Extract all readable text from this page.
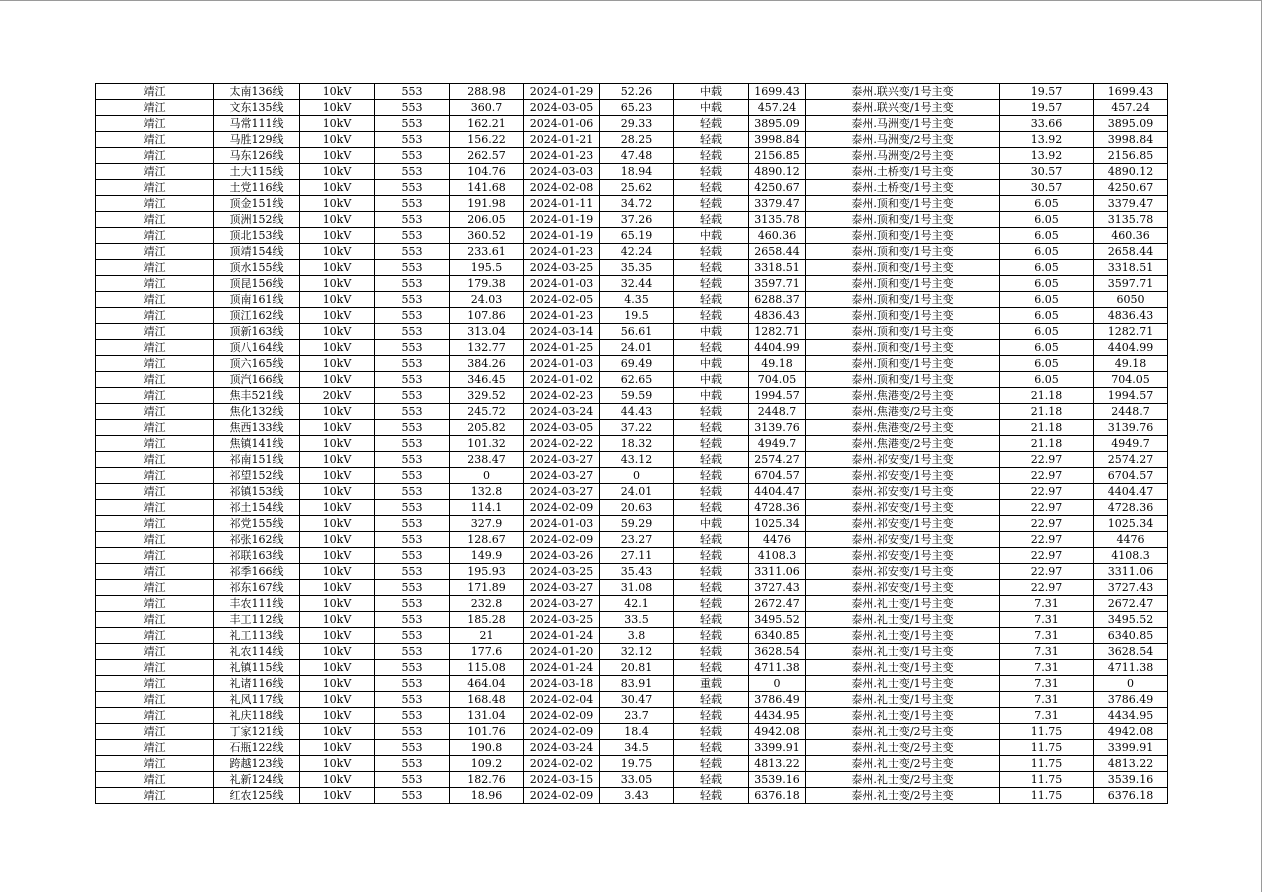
靖江	太南136线	10kV	553	288.98	2024-01-29	52.26	中载	1699.43	泰州.联兴变/1号主变	19.57	1699.43
靖江	文东135线	10kV	553	360.7	2024-03-05	65.23	中载	457.24	泰州.联兴变/1号主变	19.57	457.24
靖江	马常111线	10kV	553	162.21	2024-01-06	29.33	轻载	3895.09	泰州.马洲变/1号主变	33.66	3895.09
靖江	马胜129线	10kV	553	156.22	2024-01-21	28.25	轻载	3998.84	泰州.马洲变/2号主变	13.92	3998.84
靖江	马东126线	10kV	553	262.57	2024-01-23	47.48	轻载	2156.85	泰州.马洲变/2号主变	13.92	2156.85
靖江	土大115线	10kV	553	104.76	2024-03-03	18.94	轻载	4890.12	泰州.土桥变/1号主变	30.57	4890.12
靖江	土党116线	10kV	553	141.68	2024-02-08	25.62	轻载	4250.67	泰州.土桥变/1号主变	30.57	4250.67
靖江	顶金151线	10kV	553	191.98	2024-01-11	34.72	轻载	3379.47	泰州.顶和变/1号主变	6.05	3379.47
靖江	顶洲152线	10kV	553	206.05	2024-01-19	37.26	轻载	3135.78	泰州.顶和变/1号主变	6.05	3135.78
靖江	顶北153线	10kV	553	360.52	2024-01-19	65.19	中载	460.36	泰州.顶和变/1号主变	6.05	460.36
靖江	顶靖154线	10kV	553	233.61	2024-01-23	42.24	轻载	2658.44	泰州.顶和变/1号主变	6.05	2658.44
靖江	顶水155线	10kV	553	195.5	2024-03-25	35.35	轻载	3318.51	泰州.顶和变/1号主变	6.05	3318.51
靖江	顶昆156线	10kV	553	179.38	2024-01-03	32.44	轻载	3597.71	泰州.顶和变/1号主变	6.05	3597.71
靖江	顶南161线	10kV	553	24.03	2024-02-05	4.35	轻载	6288.37	泰州.顶和变/1号主变	6.05	6050
靖江	顶江162线	10kV	553	107.86	2024-01-23	19.5	轻载	4836.43	泰州.顶和变/1号主变	6.05	4836.43
靖江	顶新163线	10kV	553	313.04	2024-03-14	56.61	中载	1282.71	泰州.顶和变/1号主变	6.05	1282.71
靖江	顶八164线	10kV	553	132.77	2024-01-25	24.01	轻载	4404.99	泰州.顶和变/1号主变	6.05	4404.99
靖江	顶六165线	10kV	553	384.26	2024-01-03	69.49	中载	49.18	泰州.顶和变/1号主变	6.05	49.18
靖江	顶汽166线	10kV	553	346.45	2024-01-02	62.65	中载	704.05	泰州.顶和变/1号主变	6.05	704.05
靖江	焦丰521线	20kV	553	329.52	2024-02-23	59.59	中载	1994.57	泰州.焦港变/2号主变	21.18	1994.57
靖江	焦化132线	10kV	553	245.72	2024-03-24	44.43	轻载	2448.7	泰州.焦港变/2号主变	21.18	2448.7
靖江	焦西133线	10kV	553	205.82	2024-03-05	37.22	轻载	3139.76	泰州.焦港变/2号主变	21.18	3139.76
靖江	焦镇141线	10kV	553	101.32	2024-02-22	18.32	轻载	4949.7	泰州.焦港变/2号主变	21.18	4949.7
靖江	祁南151线	10kV	553	238.47	2024-03-27	43.12	轻载	2574.27	泰州.祁安变/1号主变	22.97	2574.27
靖江	祁望152线	10kV	553	0	2024-03-27	0	轻载	6704.57	泰州.祁安变/1号主变	22.97	6704.57
靖江	祁镇153线	10kV	553	132.8	2024-03-27	24.01	轻载	4404.47	泰州.祁安变/1号主变	22.97	4404.47
靖江	祁土154线	10kV	553	114.1	2024-02-09	20.63	轻载	4728.36	泰州.祁安变/1号主变	22.97	4728.36
靖江	祁党155线	10kV	553	327.9	2024-01-03	59.29	中载	1025.34	泰州.祁安变/1号主变	22.97	1025.34
靖江	祁张162线	10kV	553	128.67	2024-02-09	23.27	轻载	4476	泰州.祁安变/1号主变	22.97	4476
靖江	祁联163线	10kV	553	149.9	2024-03-26	27.11	轻载	4108.3	泰州.祁安变/1号主变	22.97	4108.3
靖江	祁季166线	10kV	553	195.93	2024-03-25	35.43	轻载	3311.06	泰州.祁安变/1号主变	22.97	3311.06
靖江	祁东167线	10kV	553	171.89	2024-03-27	31.08	轻载	3727.43	泰州.祁安变/1号主变	22.97	3727.43
靖江	丰农111线	10kV	553	232.8	2024-03-27	42.1	轻载	2672.47	泰州.礼士变/1号主变	7.31	2672.47
靖江	丰工112线	10kV	553	185.28	2024-03-25	33.5	轻载	3495.52	泰州.礼士变/1号主变	7.31	3495.52
靖江	礼工113线	10kV	553	21	2024-01-24	3.8	轻载	6340.85	泰州.礼士变/1号主变	7.31	6340.85
靖江	礼农114线	10kV	553	177.6	2024-01-20	32.12	轻载	3628.54	泰州.礼士变/1号主变	7.31	3628.54
靖江	礼镇115线	10kV	553	115.08	2024-01-24	20.81	轻载	4711.38	泰州.礼士变/1号主变	7.31	4711.38
靖江	礼诸116线	10kV	553	464.04	2024-03-18	83.91	重载	0	泰州.礼士变/1号主变	7.31	0
靖江	礼风117线	10kV	553	168.48	2024-02-04	30.47	轻载	3786.49	泰州.礼士变/1号主变	7.31	3786.49
靖江	礼庆118线	10kV	553	131.04	2024-02-09	23.7	轻载	4434.95	泰州.礼士变/1号主变	7.31	4434.95
靖江	丁家121线	10kV	553	101.76	2024-02-09	18.4	轻载	4942.08	泰州.礼士变/2号主变	11.75	4942.08
靖江	石瓶122线	10kV	553	190.8	2024-03-24	34.5	轻载	3399.91	泰州.礼士变/2号主变	11.75	3399.91
靖江	跨越123线	10kV	553	109.2	2024-02-02	19.75	轻载	4813.22	泰州.礼士变/2号主变	11.75	4813.22
靖江	礼新124线	10kV	553	182.76	2024-03-15	33.05	轻载	3539.16	泰州.礼士变/2号主变	11.75	3539.16
靖江	红农125线	10kV	553	18.96	2024-02-09	3.43	轻载	6376.18	泰州.礼士变/2号主变	11.75	6376.18
